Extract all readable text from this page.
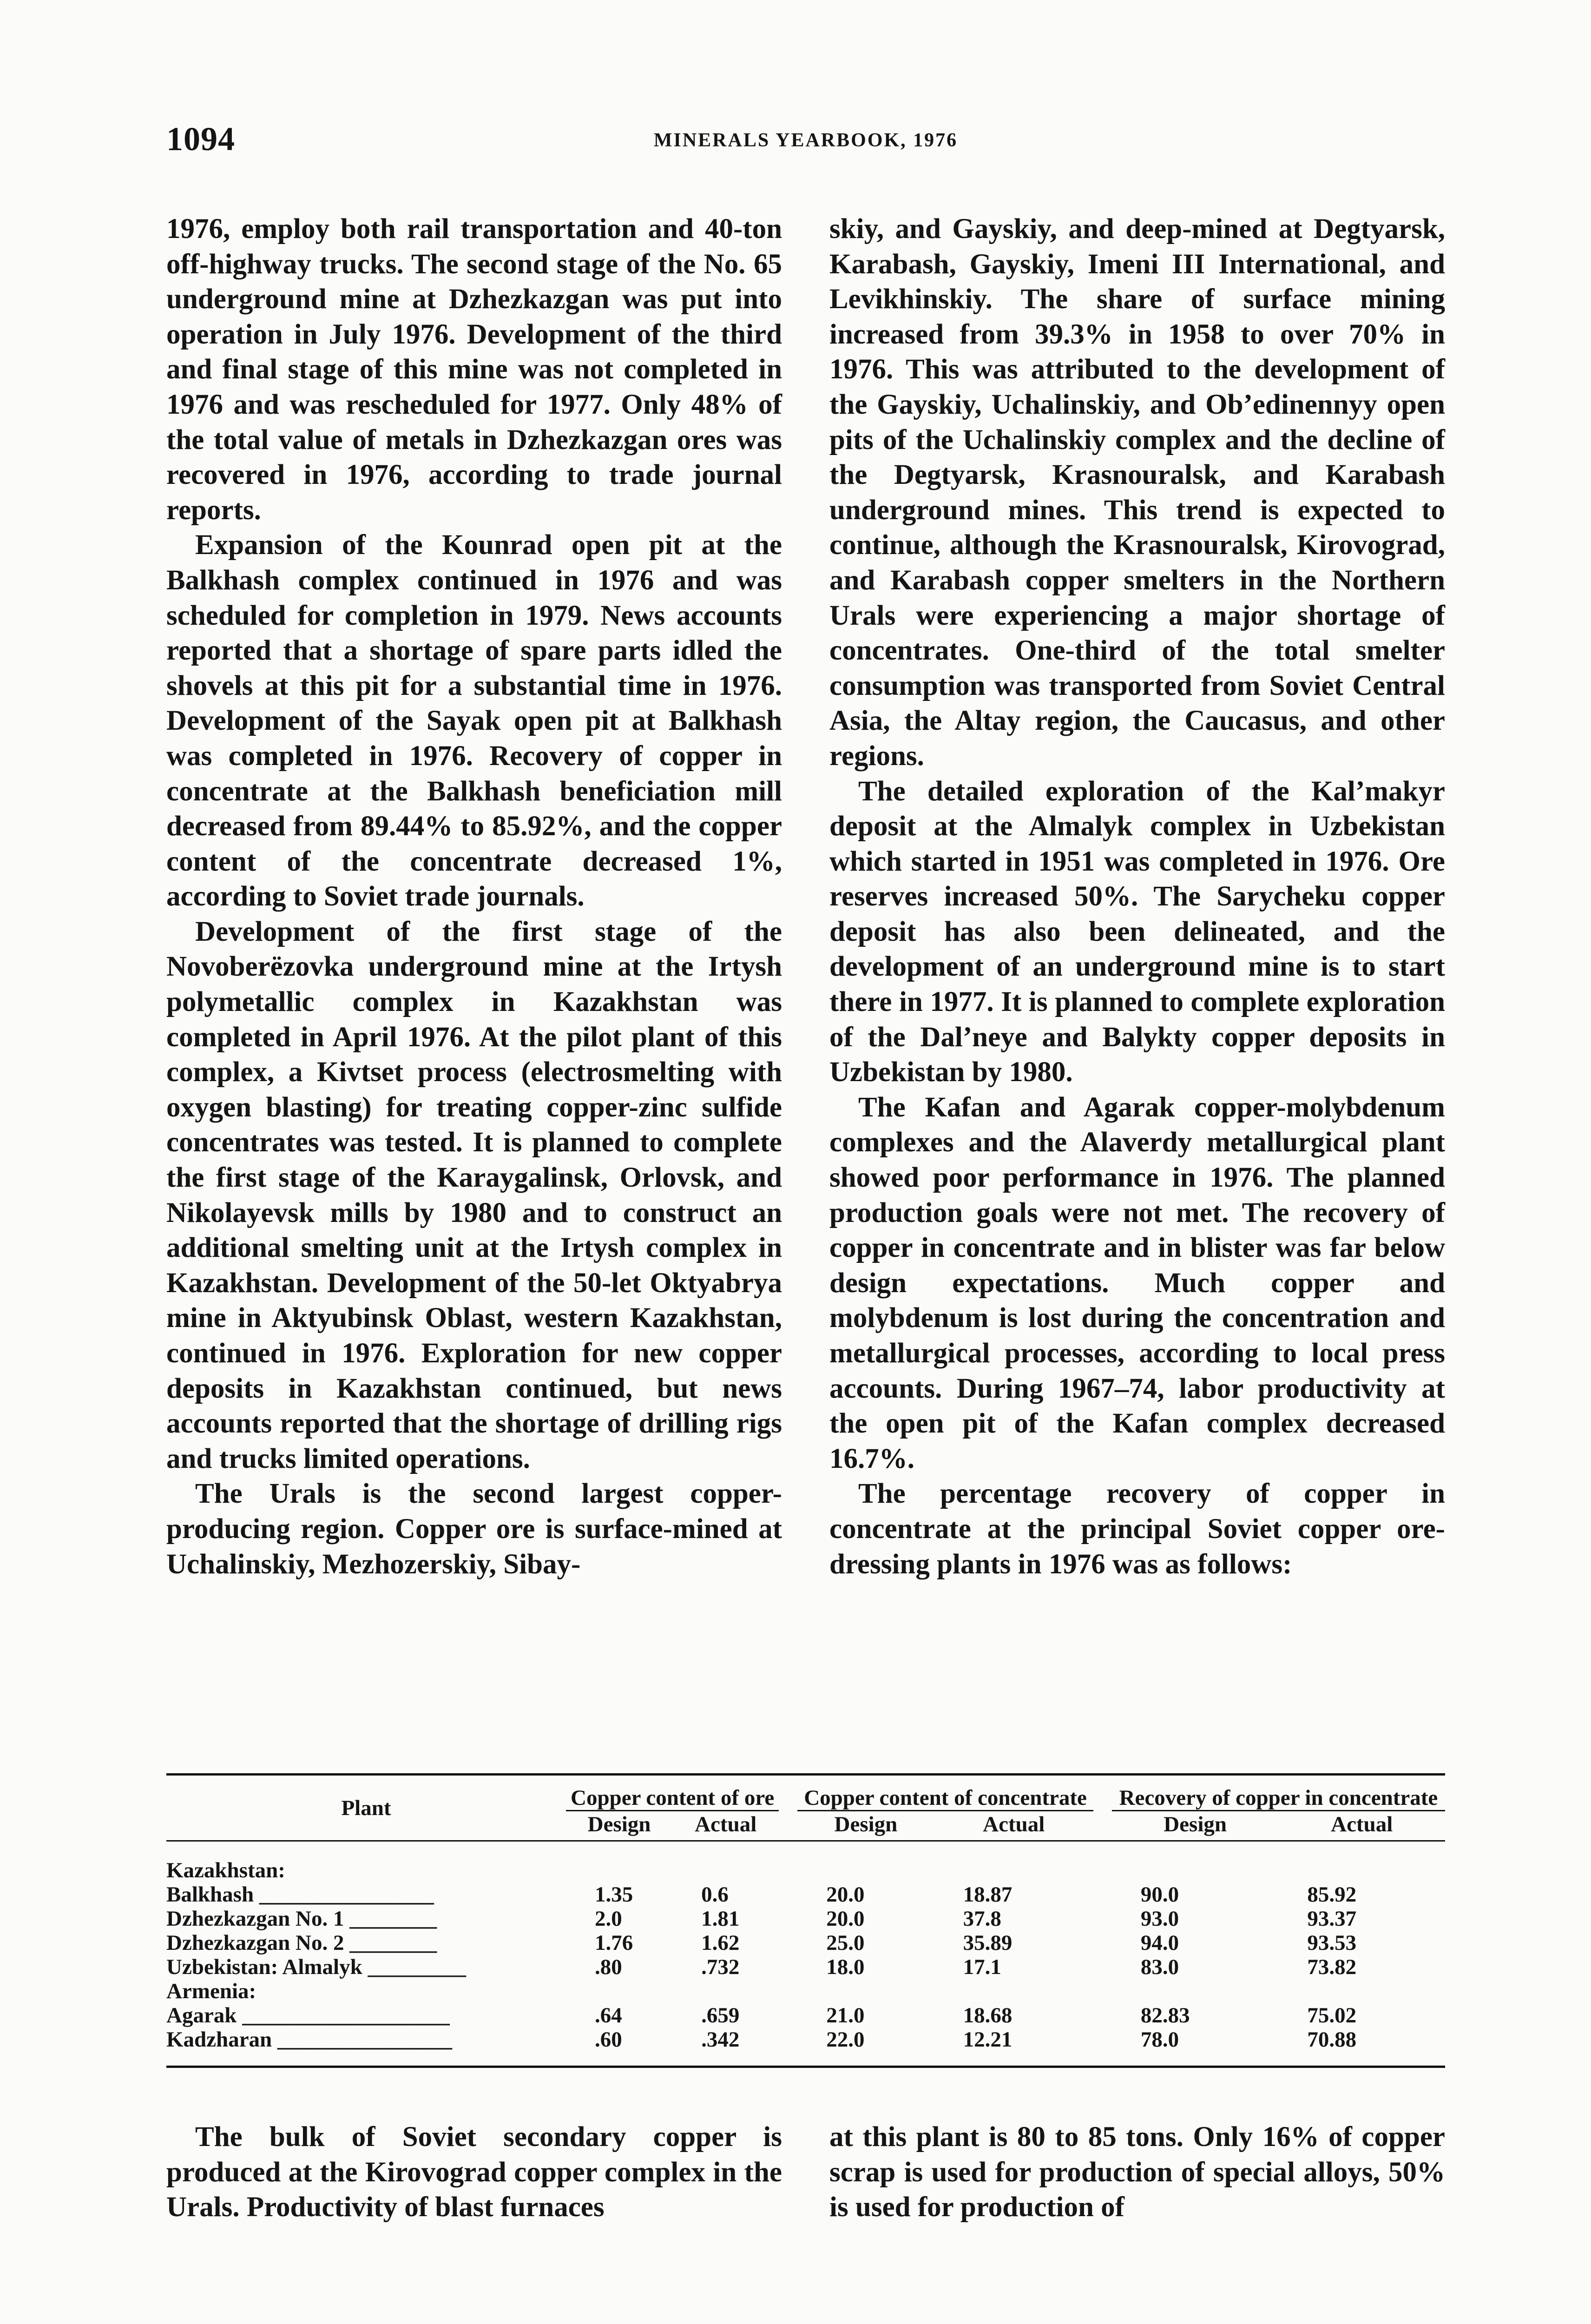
1094	MINERALS YEARBOOK, 1976

1976, employ both rail transportation and 40-ton off-highway trucks. The second stage of the No. 65 underground mine at Dzhezkazgan was put into operation in July 1976. Development of the third and final stage of this mine was not completed in 1976 and was rescheduled for 1977. Only 48% of the total value of metals in Dzhezkazgan ores was recovered in 1976, according to trade journal reports.

Expansion of the Kounrad open pit at the Balkhash complex continued in 1976 and was scheduled for completion in 1979. News accounts reported that a shortage of spare parts idled the shovels at this pit for a substantial time in 1976. Development of the Sayak open pit at Balkhash was completed in 1976. Recovery of copper in concentrate at the Balkhash beneficiation mill decreased from 89.44% to 85.92%, and the copper content of the concentrate decreased 1%, according to Soviet trade journals.

Development of the first stage of the Novoberëzovka underground mine at the Irtysh polymetallic complex in Kazakhstan was completed in April 1976. At the pilot plant of this complex, a Kivtset process (electrosmelting with oxygen blasting) for treating copper-zinc sulfide concentrates was tested. It is planned to complete the first stage of the Karaygalinsk, Orlovsk, and Nikolayevsk mills by 1980 and to construct an additional smelting unit at the Irtysh complex in Kazakhstan. Development of the 50-let Oktyabrya mine in Aktyubinsk Oblast, western Kazakhstan, continued in 1976. Exploration for new copper deposits in Kazakhstan continued, but news accounts reported that the shortage of drilling rigs and trucks limited operations.

The Urals is the second largest copper-producing region. Copper ore is surface-mined at Uchalinskiy, Mezhozerskiy, Sibay-

skiy, and Gayskiy, and deep-mined at Degtyarsk, Karabash, Gayskiy, Imeni III International, and Levikhinskiy. The share of surface mining increased from 39.3% in 1958 to over 70% in 1976. This was attributed to the development of the Gayskiy, Uchalinskiy, and Ob’edinennyy open pits of the Uchalinskiy complex and the decline of the Degtyarsk, Krasnouralsk, and Karabash underground mines. This trend is expected to continue, although the Krasnouralsk, Kirovograd, and Karabash copper smelters in the Northern Urals were experiencing a major shortage of concentrates. One-third of the total smelter consumption was transported from Soviet Central Asia, the Altay region, the Caucasus, and other regions.

The detailed exploration of the Kal’makyr deposit at the Almalyk complex in Uzbekistan which started in 1951 was completed in 1976. Ore reserves increased 50%. The Sarycheku copper deposit has also been delineated, and the development of an underground mine is to start there in 1977. It is planned to complete exploration of the Dal’neye and Balykty copper deposits in Uzbekistan by 1980.

The Kafan and Agarak copper-molybdenum complexes and the Alaverdy metallurgical plant showed poor performance in 1976. The planned production goals were not met. The recovery of copper in concentrate and in blister was far below design expectations. Much copper and molybdenum is lost during the concentration and metallurgical processes, according to local press accounts. During 1967–74, labor productivity at the open pit of the Kafan complex decreased 16.7%.

The percentage recovery of copper in concentrate at the principal Soviet copper ore-dressing plants in 1976 was as follows:

Plant	Copper content of ore			Copper content of concentrate			Recovery of copper in concentrate	

	Design	Actual		Design	Actual		Design	Actual
Kazakhstan:								
Balkhash ________________	1.35	0.6		20.0	18.87		90.0	85.92
Dzhezkazgan No. 1 ________	2.0	1.81		20.0	37.8		93.0	93.37
Dzhezkazgan No. 2 ________	1.76	1.62		25.0	35.89		94.0	93.53
Uzbekistan: Almalyk _________	.80	.732		18.0	17.1		83.0	73.82
Armenia:								
Agarak ___________________	.64	.659		21.0	18.68		82.83	75.02
Kadzharan ________________	.60	.342		22.0	12.21		78.0	70.88

The bulk of Soviet secondary copper is produced at the Kirovograd copper complex in the Urals. Productivity of blast furnaces

at this plant is 80 to 85 tons. Only 16% of copper scrap is used for production of special alloys, 50% is used for production of
